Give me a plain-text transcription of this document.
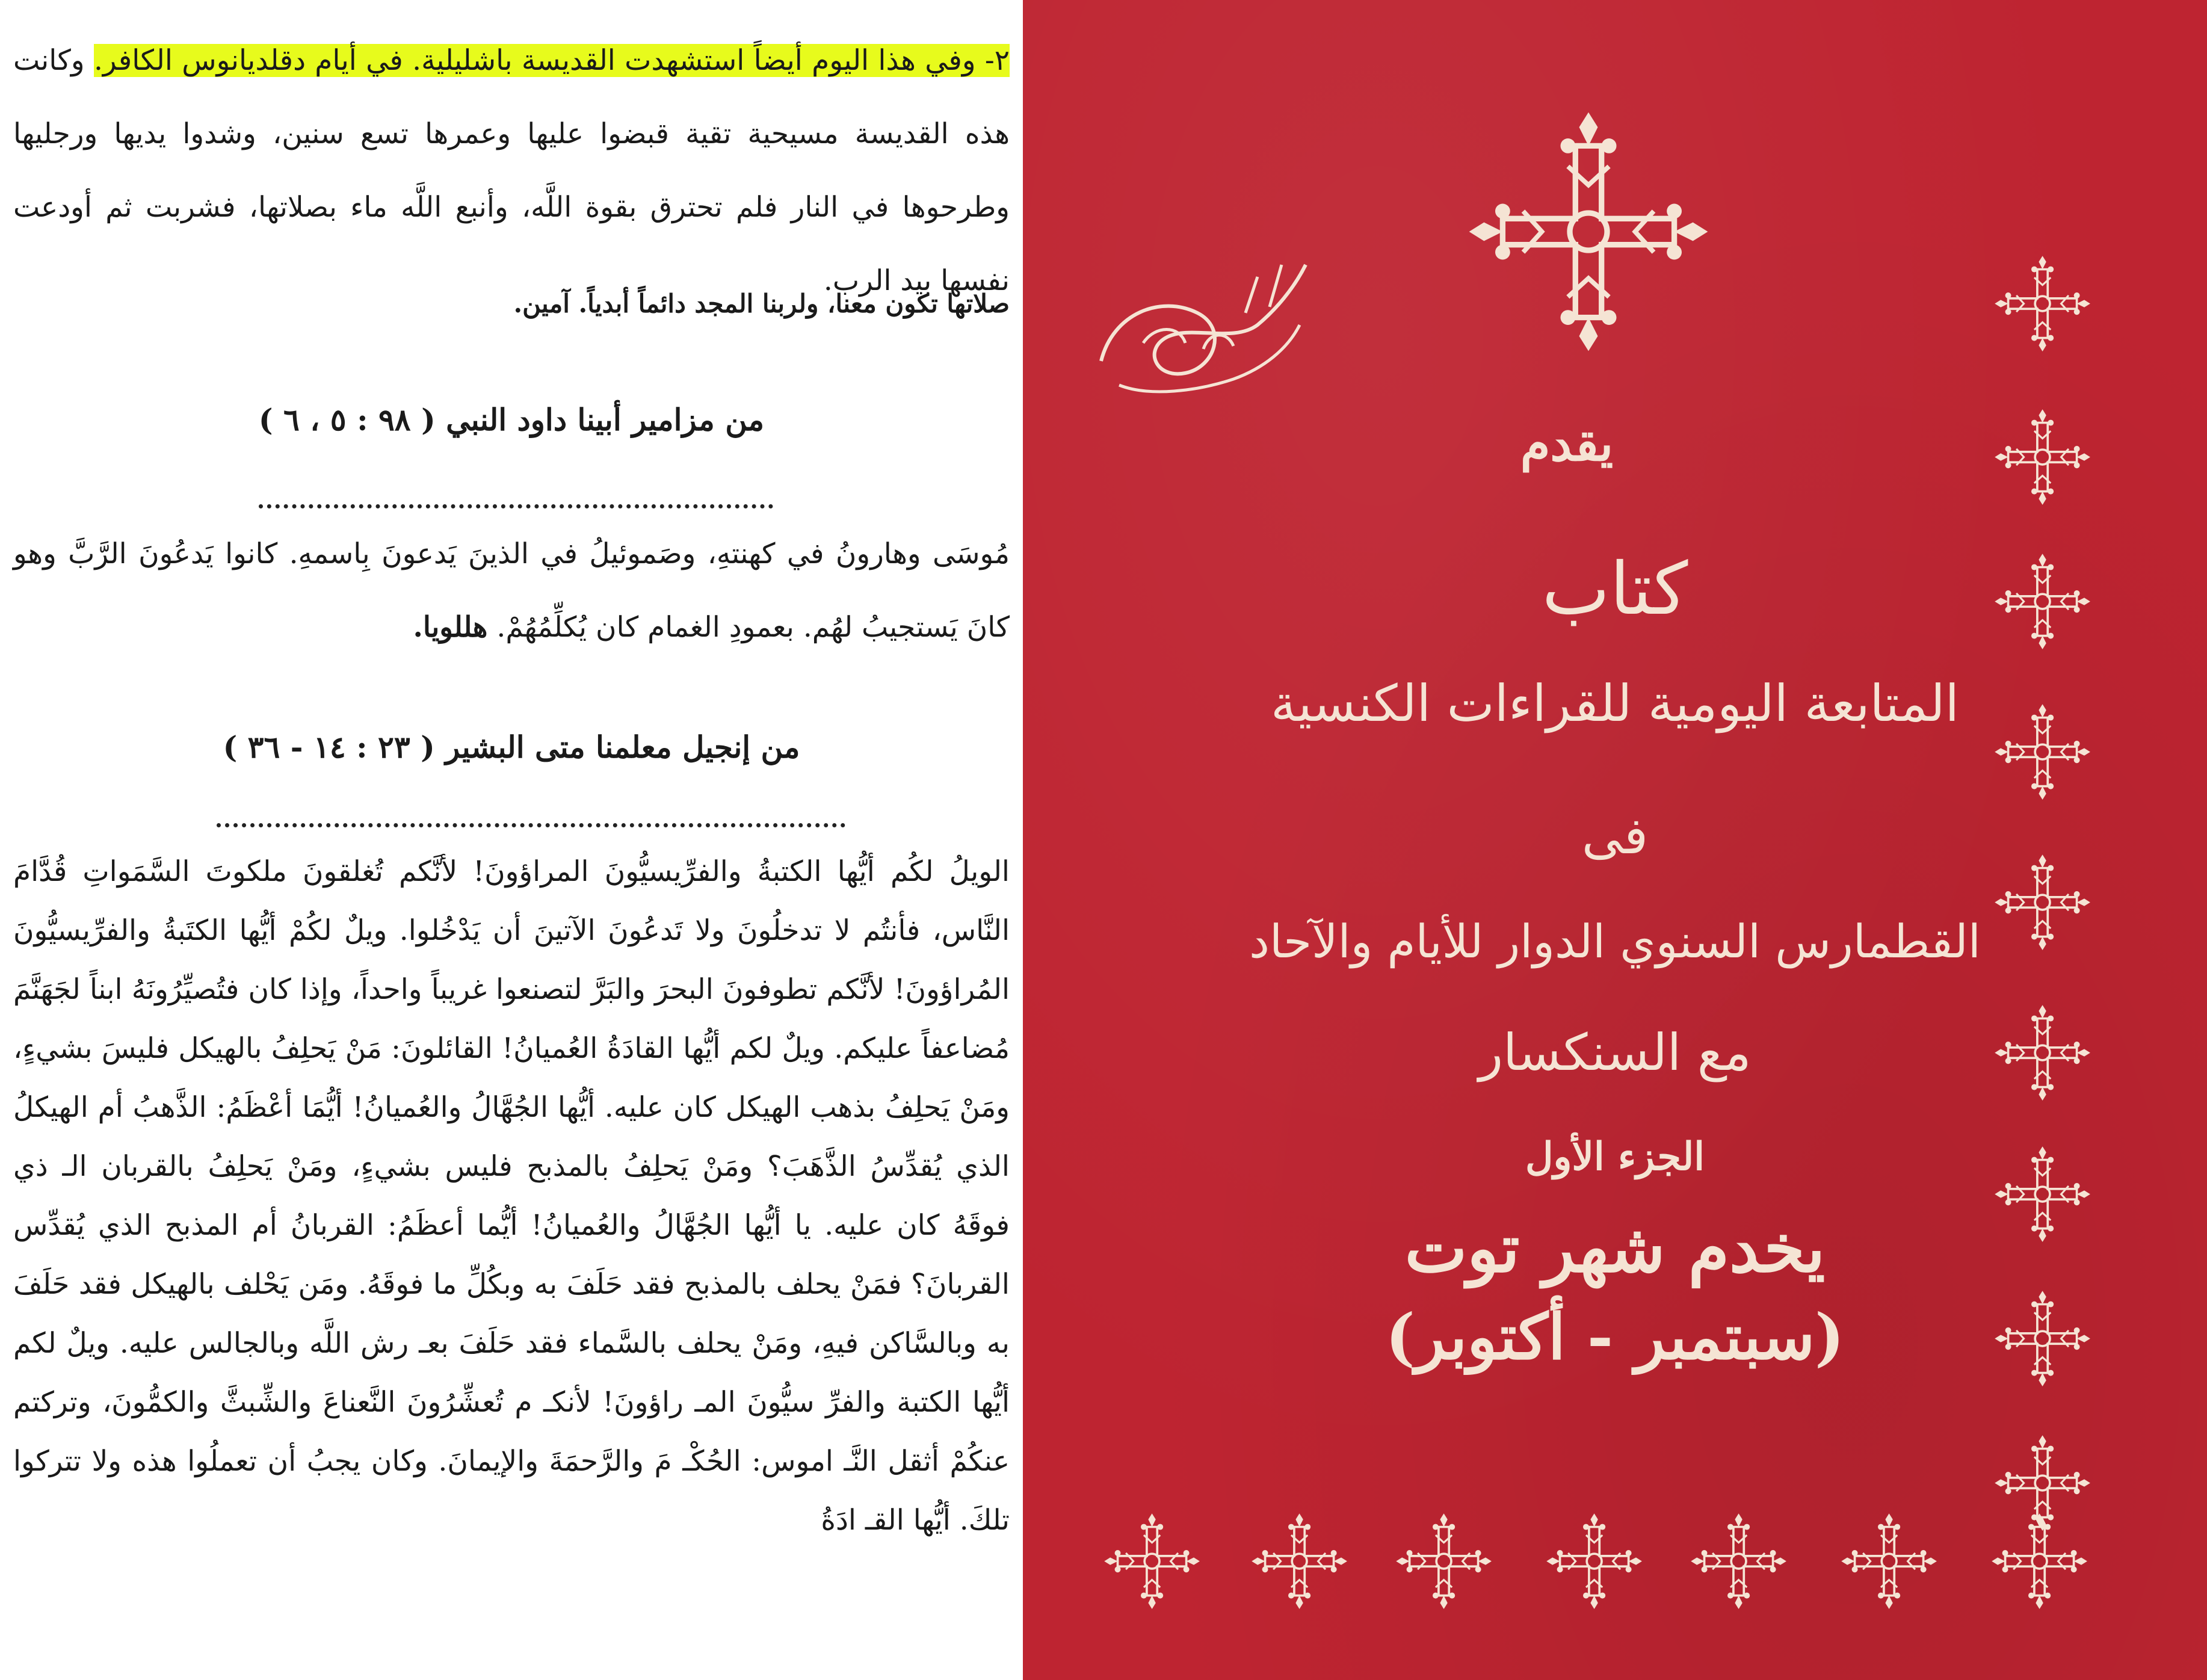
٢- وفي هذا اليوم أيضاً استشهدت القديسة باشليلية. في أيام دقلديانوس الكافر. وكانت هذه القديسة مسيحية تقية قبضوا عليها وعمرها تسع سنين، وشدوا يديها ورجليها وطرحوها في النار فلم تحترق بقوة اللَّه، وأنبع اللَّه ماء بصلاتها، فشربت ثم أودعت نفسها بيد الرب.
صلاتها تكون معنا، ولربنا المجد دائماً أبدياً. آمين.
من مزامير أبينا داود النبي ( ٩٨ : ٥ ، ٦ )
مُوسَى وهارونُ في كهنتهِ، وصَموئيلُ في الذينَ يَدعونَ بِاسمهِ. كانوا يَدعُونَ الرَّبَّ وهو كانَ يَستجيبُ لهُم. بعمودِ الغمام كان يُكلِّمُهُمْ. هللويا.
من إنجيل معلمنا متى البشير ( ٢٣ : ١٤ - ٣٦ )
الويلُ لكُم أيُّها الكتبةُ والفرِّيسيُّونَ المراؤونَ! لأنَّكم تُغلقونَ ملكوتَ السَّمَواتِ قُدَّامَ النَّاس، فأنتُم لا تدخلُونَ ولا تَدعُونَ الآتينَ أن يَدْخُلوا. ويلٌ لكُمْ أيُّها الكتَبةُ والفرِّيسيُّونَ المُراؤونَ! لأنَّكم تطوفونَ البحرَ والبَرَّ لتصنعوا غريباً واحداً، وإذا كان فتُصيِّرُونَهُ ابناً لجَهَنَّمَ مُضاعفاً عليكم. ويلٌ لكم أيُّها القادَةُ العُميانُ! القائلونَ: مَنْ يَحلِفُ بالهيكل فليسَ بشيءٍ، ومَنْ يَحلِفُ بذهب الهيكل كان عليه. أيُّها الجُهَّالُ والعُميانُ! أيُّمَا أعْظَمُ: الذَّهبُ أم الهيكلُ الذي يُقدِّسُ الذَّهَبَ؟ ومَنْ يَحلِفُ بالمذبح فليس بشيءٍ، ومَنْ يَحلِفُ بالقربان الـ ذي فوقَهُ كان عليه. يا أيُّها الجُهَّالُ والعُميانُ! أيُّما أعظَمُ: القربانُ أم المذبح الذي يُقدِّس القربانَ؟ فمَنْ يحلف بالمذبح فقد حَلَفَ به وبكُلِّ ما فوقَهُ. ومَن يَحْلف بالهيكل فقد حَلَفَ به وبالسَّاكن فيهِ، ومَنْ يحلف بالسَّماء فقد حَلَفَ بعـ رش اللَّه وبالجالس عليه. ويلٌ لكم أيُّها الكتبة والفرِّ سيُّونَ المـ راؤونَ! لأنكـ م تُعشِّرُونَ النَّعناعَ والشِّبثَّ والكمُّونَ، وتركتم عنكُمْ أثقل النَّـ اموس: الحُكْـ مَ والرَّحمَةَ والإيمانَ. وكان يجبُ أن تعملُوا هذه ولا تتركوا تلكَ. أيُّها القـ ادَةُ
يقدم
كتاب
المتابعة اليومية للقراءات الكنسية
فى
القطمارس السنوي الدوار للأيام والآحاد
مع السنكسار
الجزء الأول
يخدم شهر توت
(سبتمبر - أكتوبر)
